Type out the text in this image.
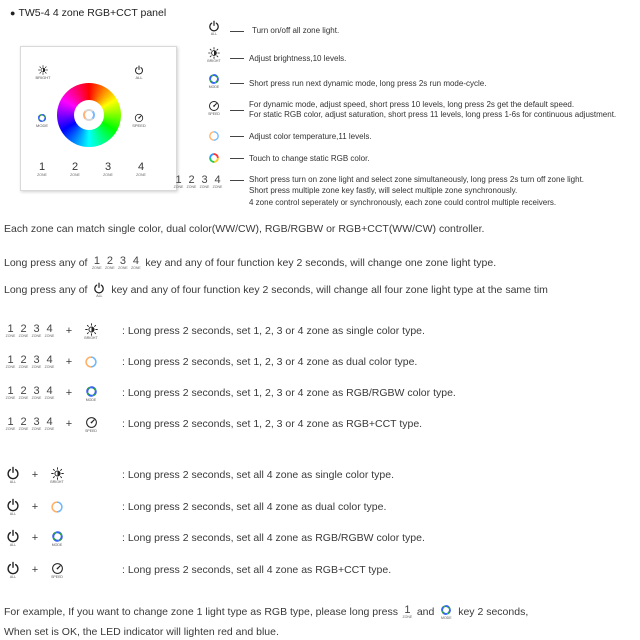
● TW5-4 4 zone RGB+CCT panel
BRIGHT	ALL
MODE	SPEED
1
ZONE
2
ZONE
3
ZONE
4
ZONE
ALL	Turn on/off all zone light.
BRIGHT	Adjust brightness,10 levels.
MODE	Short press run next dynamic mode, long press 2s run mode-cycle.
SPEED
For dynamic mode, adjust speed, short press 10 levels, long press 2s get the default speed.
For static RGB color, adjust saturation, short press 11 levels, long press 1-6s for continuous adjustment.
Adjust color temperature,11 levels.
Touch to change static RGB color.
1
ZONE
2
ZONE
3
ZONE
4
ZONE
Short press turn on zone light and select zone simultaneously, long press 2s turn off zone light.
Short press multiple zone key fastly, will select multiple zone synchronously.
4 zone control seperately or synchronously, each zone could control multiple receivers.
Each zone can match single color, dual color(WW/CW), RGB/RGBW or RGB+CCT(WW/CW) controller.
Long press any of
1
ZONE
2
ZONE
3
ZONE
4
ZONE
key and any of four function key 2 seconds, will change one zone light type.
Long press any of
	ALL
key and any of four function key 2 seconds, will change all four zone light type at the same tim
1
ZONE
2
ZONE
3
ZONE
4
ZONE	+
BRIGHT
: Long press 2 seconds, set 1, 2, 3 or 4 zone as single color type.
1
ZONE
2
ZONE
3
ZONE
4
ZONE	+	: Long press 2 seconds, set 1, 2, 3 or 4 zone as dual color type.
1
ZONE
2
ZONE
3
ZONE
4
ZONE	+
MODE
: Long press 2 seconds, set 1, 2, 3 or 4 zone as RGB/RGBW color type.
1
ZONE
2
ZONE
3
ZONE
4
ZONE	+
SPEED
: Long press 2 seconds, set 1, 2, 3 or 4 zone as RGB+CCT type.
ALL
+
BRIGHT
: Long press 2 seconds, set all 4 zone as single color type.
ALL
+	: Long press 2 seconds, set all 4 zone as dual color type.
ALL
+
MODE
: Long press 2 seconds, set all 4 zone as RGB/RGBW color type.
ALL
+
SPEED
: Long press 2 seconds, set all 4 zone as RGB+CCT type.
For example, If you want to change zone 1 light type as RGB type, please long press
1
ZONE
and
	MODE
key 2 seconds,
When set is OK, the LED indicator will lighten red and blue.
